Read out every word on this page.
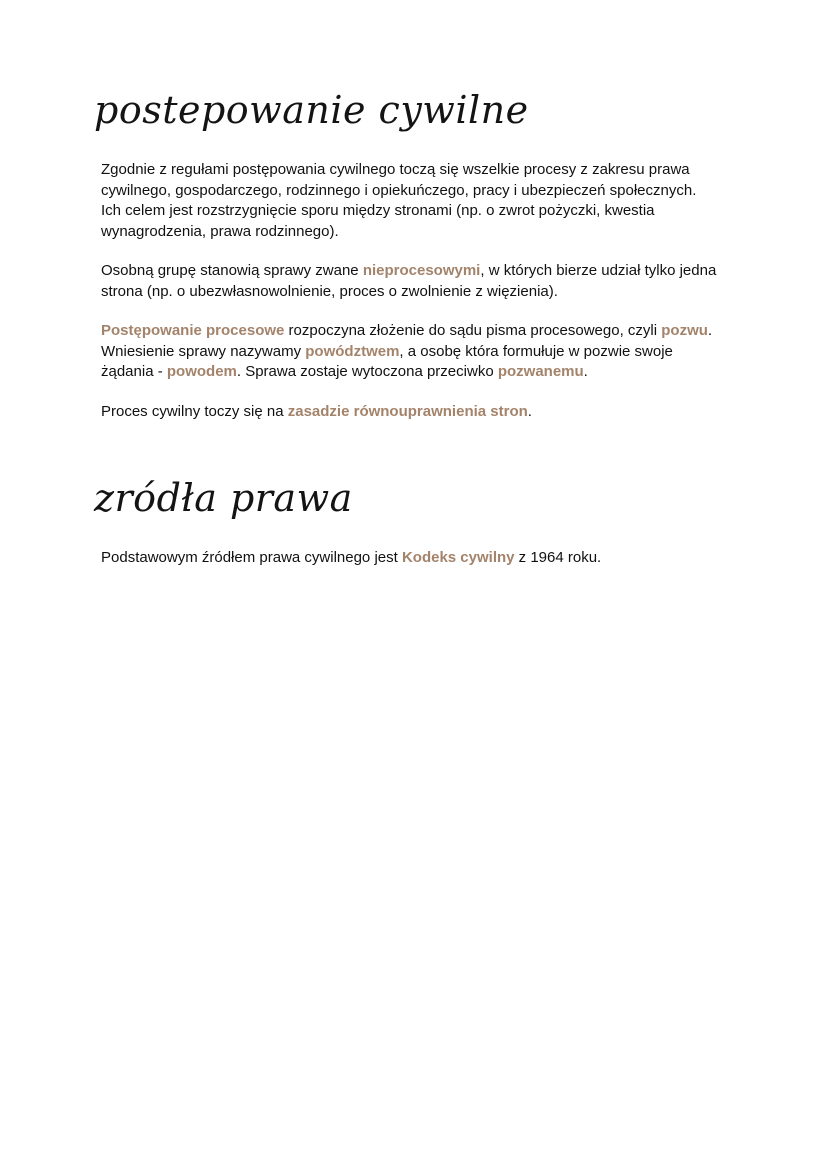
postepowanie cywilne

Zgodnie z regułami postępowania cywilnego toczą się wszelkie procesy z zakresu prawa
cywilnego, gospodarczego, rodzinnego i opiekuńczego, pracy i ubezpieczeń społecznych.
Ich celem jest rozstrzygnięcie sporu między stronami (np. o zwrot pożyczki, kwestia
wynagrodzenia, prawa rodzinnego).

Osobną grupę stanowią sprawy zwane nieprocesowymi, w których bierze udział tylko jedna
strona (np. o ubezwłasnowolnienie, proces o zwolnienie z więzienia).

Postępowanie procesowe rozpoczyna złożenie do sądu pisma procesowego, czyli pozwu.
Wniesienie sprawy nazywamy powództwem, a osobę która formułuje w pozwie swoje
żądania - powodem. Sprawa zostaje wytoczona przeciwko pozwanemu.

Proces cywilny toczy się na zasadzie równouprawnienia stron.

zródła prawa

Podstawowym źródłem prawa cywilnego jest Kodeks cywilny z 1964 roku.
